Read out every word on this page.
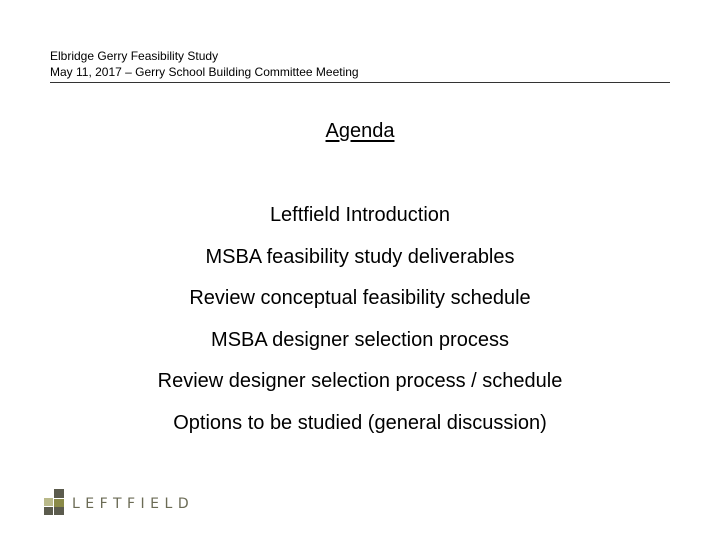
Elbridge Gerry Feasibility Study
May 11, 2017 – Gerry School Building Committee Meeting
Agenda
Leftfield Introduction
MSBA feasibility study deliverables
Review conceptual feasibility schedule
MSBA designer selection process
Review designer selection process / schedule
Options to be studied (general discussion)
LEFTFIELD
